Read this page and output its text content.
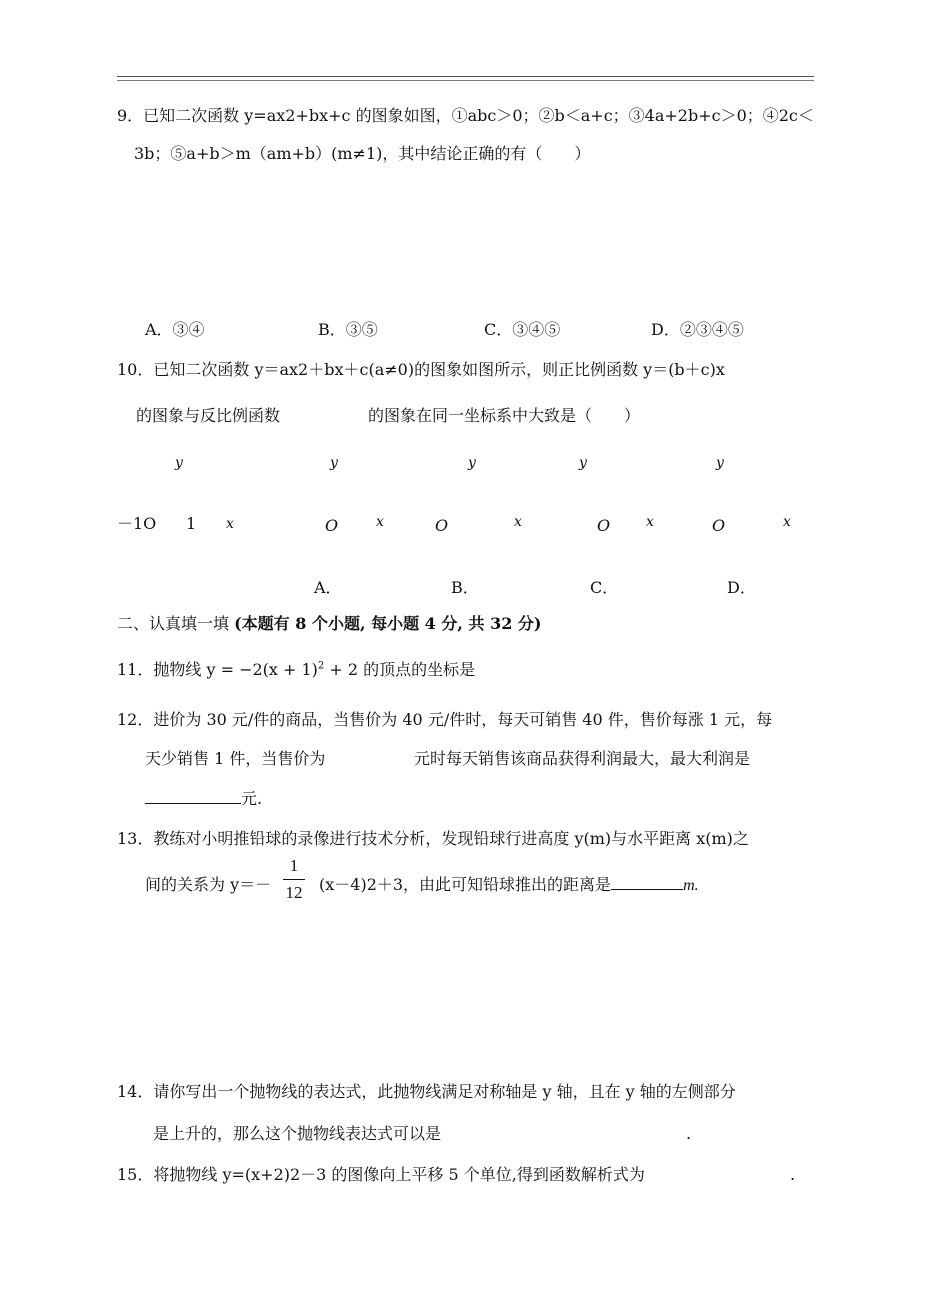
9．已知二次函数 y=ax2+bx+c 的图象如图，①abc＞0；②b＜a+c；③4a+2b+c＞0；④2c＜
3b；⑤a+b＞m（am+b）(m≠1)，其中结论正确的有（　　）
A．③④	B．③⑤	C．③④⑤	D．②③④⑤
10．已知二次函数 y＝ax2＋bx＋c(a≠0)的图象如图所示，则正比例函数 y＝(b＋c)x
的图象与反比例函数	的图象在同一坐标系中大致是（　　）
y	y	y	y	y
－1O 1 x	O	x	O	x	O	x	O	x
A．	B．	C．	D．
二、认真填一填 (本题有 8 个小题, 每小题 4 分, 共 32 分)
11．抛物线 $y = -2(x + 1)^2 + 2$ 的顶点的坐标是
12．进价为 30 元/件的商品，当售价为 40 元/件时，每天可销售 40 件，售价每涨 1 元，每
天少销售 1 件，当售价为	元时每天销售该商品获得利润最大，最大利润是
元.
13．教练对小明推铅球的录像进行技术分析，发现铅球行进高度 y(m)与水平距离 x(m)之
间的关系为 y＝－
1
12 (x－4)2＋3，由此可知铅球推出的距离是	m.
14．请你写出一个抛物线的表达式，此抛物线满足对称轴是 y 轴，且在 y 轴的左侧部分
是上升的，那么这个抛物线表达式可以是	.
15．将抛物线 y=(x+2)2－3 的图像向上平移 5 个单位,得到函数解析式为	.
